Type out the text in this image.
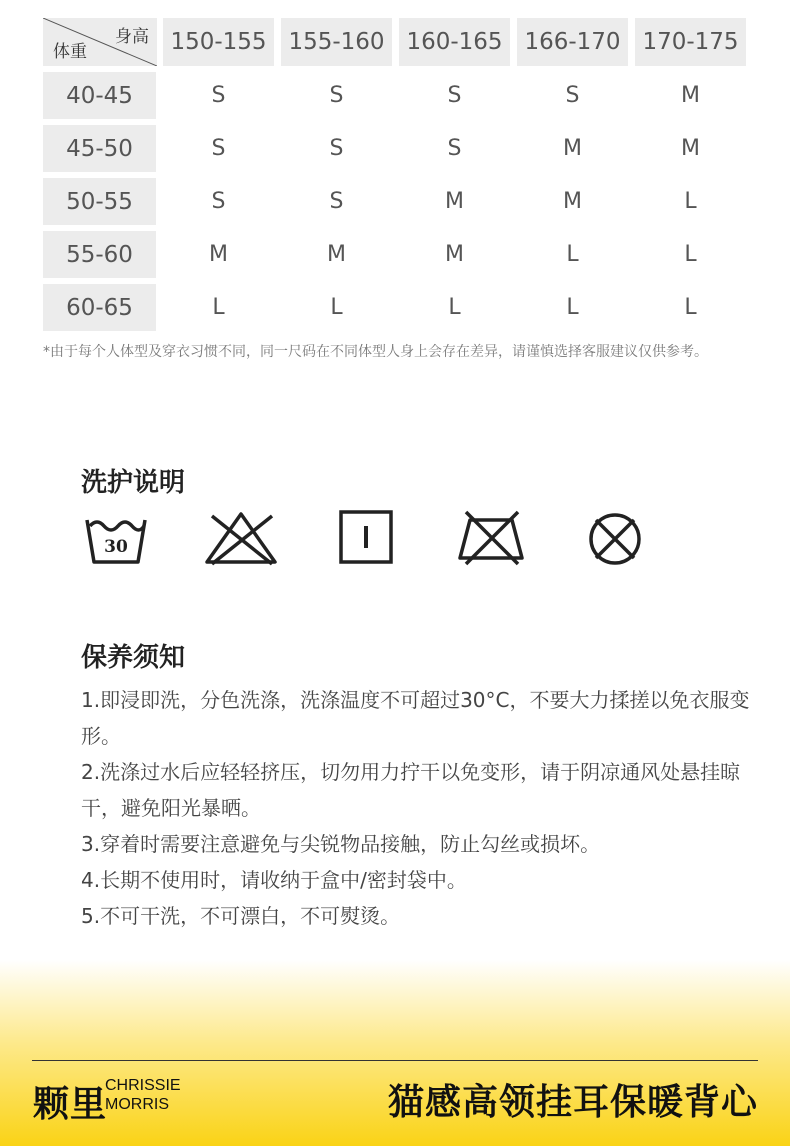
身高
体重	150-155 155-160 160-165 166-170 170-175
40-45	S	S	S	S	M
45-50	S	S	S	M	M
50-55	S	S	M	M	L
55-60	M	M	M	L	L
60-65	L	L	L	L	L
*由于每个人体型及穿衣习惯不同，同一尺码在不同体型人身上会存在差异，请谨慎选择客服建议仅供参考。
洗护说明
30
保养须知

1.即浸即洗，分色洗涤，洗涤温度不可超过30°C，不要大力揉搓以免衣服变形。

2.洗涤过水后应轻轻挤压，切勿用力拧干以免变形，请于阴凉通风处悬挂晾干，避免阳光暴晒。

3.穿着时需要注意避免与尖锐物品接触，防止勾丝或损坏。

4.长期不使用时，请收纳于盒中/密封袋中。

5.不可干洗，不可漂白，不可熨烫。

颗里
CHRISSIE
MORRIS	猫感高领挂耳保暖背心
